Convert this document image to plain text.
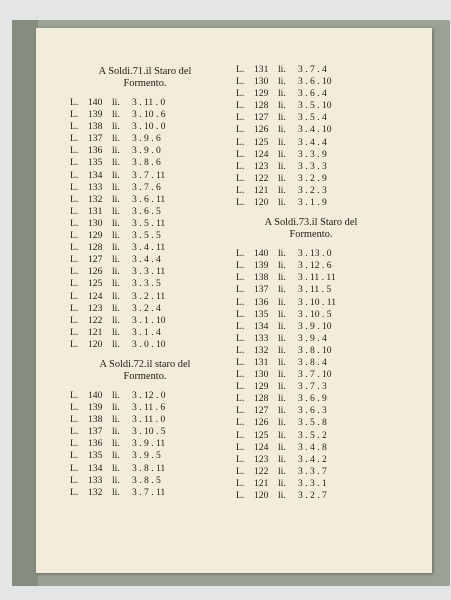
A Soldi.71.il Staro del
Formento.
L.	140	li.	3 . 11 . 0
L.	139	li.	3 . 10 . 6
L.	138	li.	3 . 10 . 0
L.	137	li.	3 . 9 . 6
L.	136	li.	3 . 9 . 0
L.	135	li.	3 . 8 . 6
L.	134	li.	3 . 7 . 11
L.	133	li.	3 . 7 . 6
L.	132	li.	3 . 6 . 11
L.	131	li.	3 . 6 . 5
L.	130	li.	3 . 5 . 11
L.	129	li.	3 . 5 . 5
L.	128	li.	3 . 4 . 11
L.	127	li.	3 . 4 . 4
L.	126	li.	3 . 3 . 11
L.	125	li.	3 . 3 . 5
L.	124	li.	3 . 2 . 11
L.	123	li.	3 . 2 . 4
L.	122	li.	3 . 1 . 10
L.	121	li.	3 . 1 . 4
L.	120	li.	3 . 0 . 10
A Soldi.72.il staro del
Formento.
L.	140	li.	3 . 12 . 0
L.	139	li.	3 . 11 . 6
L.	138	li.	3 . 11 . 0
L.	137	li.	3 . 10 . 5
L.	136	li.	3 . 9 . 11
L.	135	li.	3 . 9 . 5
L.	134	li.	3 . 8 . 11
L.	133	li.	3 . 8 . 5
L.	132	li.	3 . 7 . 11
L.	131	li.	3 . 7 . 4
L.	130	li.	3 . 6 . 10
L.	129	li.	3 . 6 . 4
L.	128	li.	3 . 5 . 10
L.	127	li.	3 . 5 . 4
L.	126	li.	3 . 4 . 10
L.	125	li.	3 . 4 . 4
L.	124	li.	3 . 3 . 9
L.	123	li.	3 . 3 . 3
L.	122	li.	3 . 2 . 9
L.	121	li.	3 . 2 . 3
L.	120	li.	3 . 1 . 9
A Soldi.73.il Staro del
Formento.
L.	140	li.	3 . 13 . 0
L.	139	li.	3 . 12 . 6
L.	138	li.	3 . 11 . 11
L.	137	li.	3 . 11 . 5
L.	136	li.	3 . 10 . 11
L.	135	li.	3 . 10 . 5
L.	134	li.	3 . 9 . 10
L.	133	li.	3 . 9 . 4
L.	132	li.	3 . 8 . 10
L.	131	li.	3 . 8 . 4
L.	130	li.	3 . 7 . 10
L.	129	li.	3 . 7 . 3
L.	128	li.	3 . 6 . 9
L.	127	li.	3 . 6 . 3
L.	126	li.	3 . 5 . 8
L.	125	li.	3 . 5 . 2
L.	124	li.	3 . 4 . 8
L.	123	li.	3 . 4 . 2
L.	122	li.	3 . 3 . 7
L.	121	li.	3 . 3 . 1
L.	120	li.	3 . 2 . 7
